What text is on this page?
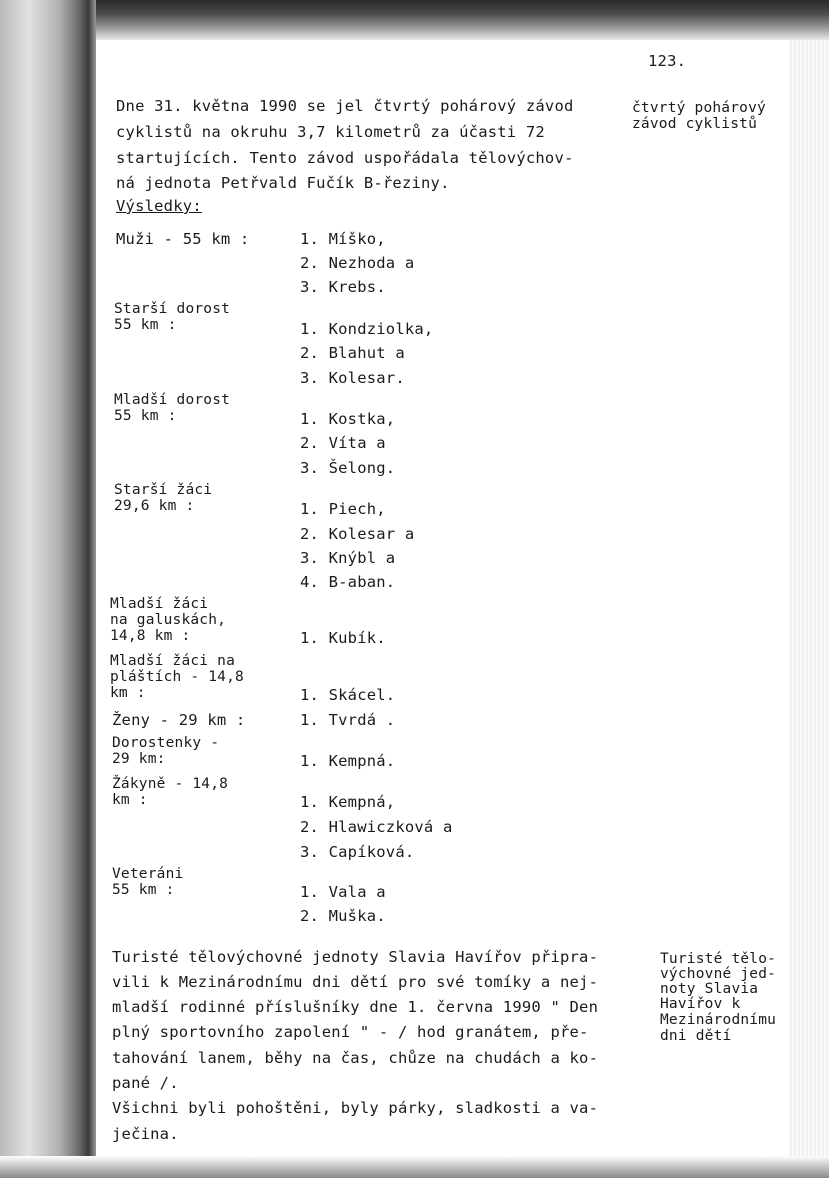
123.
Dne 31. května 1990 se jel čtvrtý pohárový závod
cyklistů na okruhu 3,7 kilometrů za účasti 72
startujících. Tento závod uspořádala tělovýchov-
ná jednota Petřvald Fučík B-řeziny.
čtvrtý pohárový
závod cyklistů
Výsledky:
Muži - 55 km :	1. Míško,
2. Nezhoda a
3. Krebs.
Starší dorost
55 km :	1. Kondziolka,
2. Blahut a
3. Kolesar.
Mladší dorost
55 km :	1. Kostka,
2. Víta a
3. Šelong.
Starší žáci
29,6 km :	1. Piech,
2. Kolesar a
3. Knýbl a
4. B-aban.
Mladší žáci
na galuskách,
14,8 km :	1. Kubík.
Mladší žáci na
pláštích - 14,8
km :	1. Skácel.
Ženy - 29 km :	1. Tvrdá .
Dorostenky -
29 km:	1. Kempná.
Žákyně - 14,8
km :	1. Kempná,
2. Hlawiczková a
3. Capíková.
Veteráni
55 km :	1. Vala a
2. Muška.
Turisté tělovýchovné jednoty Slavia Havířov připra-
vili k Mezinárodnímu dni dětí pro své tomíky a nej-
mladší rodinné příslušníky dne 1. června 1990 " Den
plný sportovního zapolení " - / hod granátem, pře-
tahování lanem, běhy na čas, chůze na chudách a ko-
pané /.
Všichni byli pohoštěni, byly párky, sladkosti a va-
ječina.
Turisté tělo-
výchovné jed-
noty Slavia
Havířov k
Mezinárodnímu
dni dětí
